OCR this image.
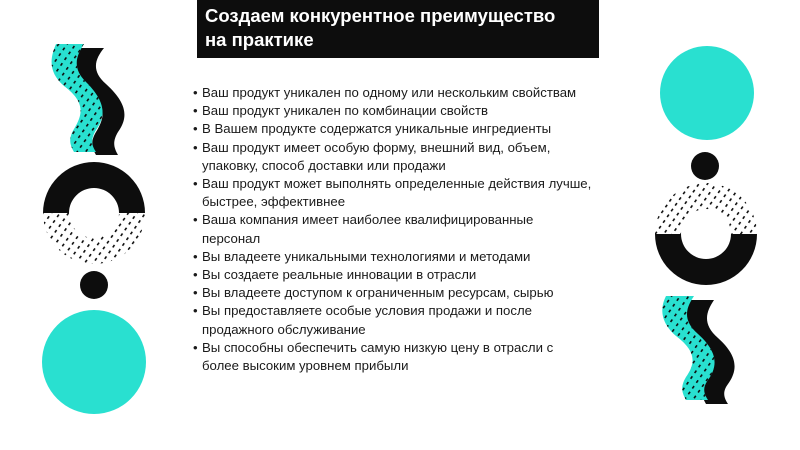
Создаем конкурентное преимущество
на практике
• Ваш продукт уникален по одному или нескольким свойствам
• Ваш продукт уникален по комбинации свойств
• В Вашем продукте содержатся уникальные ингредиенты
• Ваш продукт имеет особую форму, внешний вид, объем, упаковку, способ доставки или продажи
• Ваш продукт может выполнять определенные действия лучше, быстрее, эффективнее
• Ваша компания имеет наиболее квалифицированные персонал
• Вы владеете уникальными технологиями и методами
• Вы создаете реальные инновации в отрасли
• Вы владеете доступом к ограниченным ресурсам, сырью
• Вы предоставляете особые условия продажи и после продажного обслуживание
• Вы способны обеспечить самую низкую цену в отрасли с более высоким уровнем прибыли
